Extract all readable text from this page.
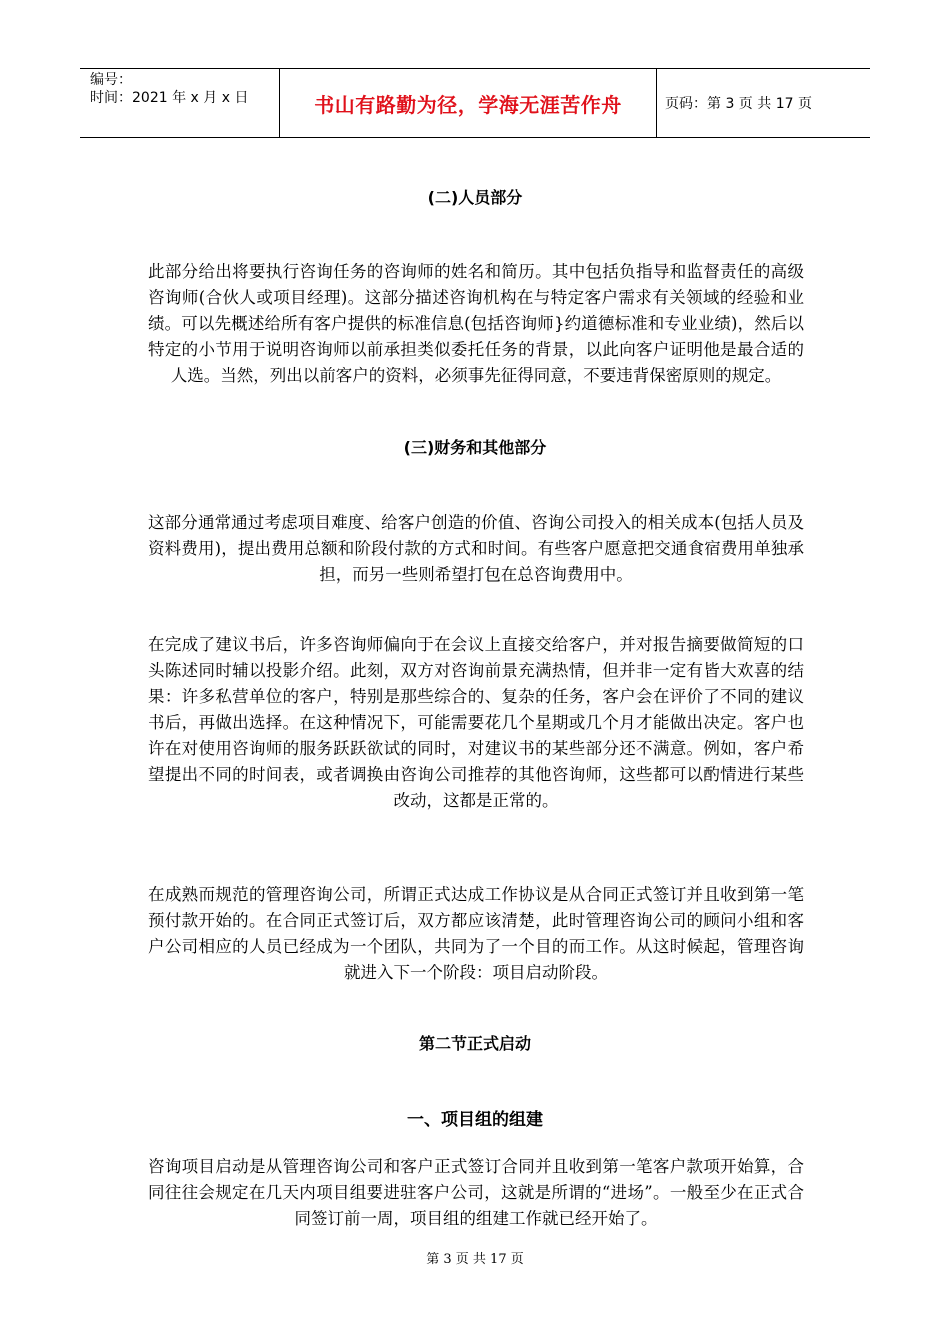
编号：
时间：2021 年 x 月 x 日	书山有路勤为径，学海无涯苦作舟	页码：第 3 页 共 17 页
(二)人员部分
此部分给出将要执行咨询任务的咨询师的姓名和简历。其中包括负指导和监督责任的高级咨询师(合伙人或项目经理)。这部分描述咨询机构在与特定客户需求有关领域的经验和业绩。可以先概述给所有客户提供的标准信息(包括咨询师}约道德标准和专业业绩)，然后以特定的小节用于说明咨询师以前承担类似委托任务的背景，以此向客户证明他是最合适的人选。当然，列出以前客户的资料，必须事先征得同意，不要违背保密原则的规定。
(三)财务和其他部分
这部分通常通过考虑项目难度、给客户创造的价值、咨询公司投入的相关成本(包括人员及资料费用)，提出费用总额和阶段付款的方式和时间。有些客户愿意把交通食宿费用单独承担，而另一些则希望打包在总咨询费用中。
在完成了建议书后，许多咨询师偏向于在会议上直接交给客户，并对报告摘要做简短的口头陈述同时辅以投影介绍。此刻，双方对咨询前景充满热情，但并非一定有皆大欢喜的结果：许多私营单位的客户，特别是那些综合的、复杂的任务，客户会在评价了不同的建议书后，再做出选择。在这种情况下，可能需要花几个星期或几个月才能做出决定。客户也许在对使用咨询师的服务跃跃欲试的同时，对建议书的某些部分还不满意。例如，客户希望提出不同的时间表，或者调换由咨询公司推荐的其他咨询师，这些都可以酌情进行某些改动，这都是正常的。
在成熟而规范的管理咨询公司，所谓正式达成工作协议是从合同正式签订并且收到第一笔预付款开始的。在合同正式签订后，双方都应该清楚，此时管理咨询公司的顾问小组和客户公司相应的人员已经成为一个团队，共同为了一个目的而工作。从这时候起，管理咨询就进入下一个阶段：项目启动阶段。
第二节正式启动
一、项目组的组建
咨询项目启动是从管理咨询公司和客户正式签订合同并且收到第一笔客户款项开始算，合同往往会规定在几天内项目组要进驻客户公司，这就是所谓的“进场”。一般至少在正式合同签订前一周，项目组的组建工作就已经开始了。
第 3 页 共 17 页
